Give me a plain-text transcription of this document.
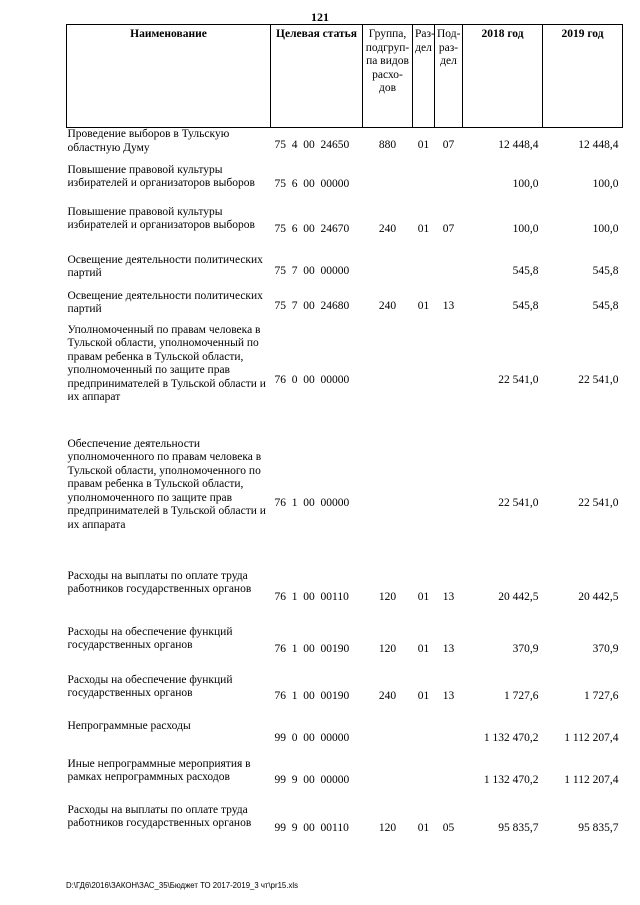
121
Наименование	Целевая статья	Группа, подгруп-па видов расхо-дов	Раз-дел	Под-раз-дел	2018 год	2019 год
Проведение выборов в Тульскую областную Думу	75  4  00  24650	880	01	07	12 448,4	12 448,4
Повышение правовой культуры избирателей и организаторов выборов	75  6  00  00000				100,0	100,0
Повышение правовой культуры избирателей и организаторов выборов	75  6  00  24670	240	01	07	100,0	100,0
Освещение деятельности политических партий	75  7  00  00000				545,8	545,8
Освещение деятельности политических партий	75  7  00  24680	240	01	13	545,8	545,8
Уполномоченный по правам человека в Тульской области, уполномоченный по правам ребенка в Тульской области, уполномоченный по защите прав предпринимателей в Тульской области и их аппарат	76  0  00  00000				22 541,0	22 541,0
Обеспечение деятельности уполномоченного по правам человека в Тульской области, уполномоченного по правам ребенка в Тульской области, уполномоченного по защите прав предпринимателей в Тульской области и их аппарата	76  1  00  00000				22 541,0	22 541,0
Расходы на выплаты по оплате труда работников государственных органов	76  1  00  00110	120	01	13	20 442,5	20 442,5
Расходы на обеспечение функций государственных органов	76  1  00  00190	120	01	13	370,9	370,9
Расходы на обеспечение функций государственных органов	76  1  00  00190	240	01	13	1 727,6	1 727,6
Непрограммные расходы	99  0  00  00000				1 132 470,2	1 112 207,4
Иные непрограммные мероприятия в рамках непрограммных расходов	99  9  00  00000				1 132 470,2	1 112 207,4
Расходы на выплаты по оплате труда работников государственных органов	99  9  00  00110	120	01	05	95 835,7	95 835,7
D:\ГД6\2016\ЗАКОН\ЗАС_35\Бюджет ТО 2017-2019_3 чт\pr15.xls
